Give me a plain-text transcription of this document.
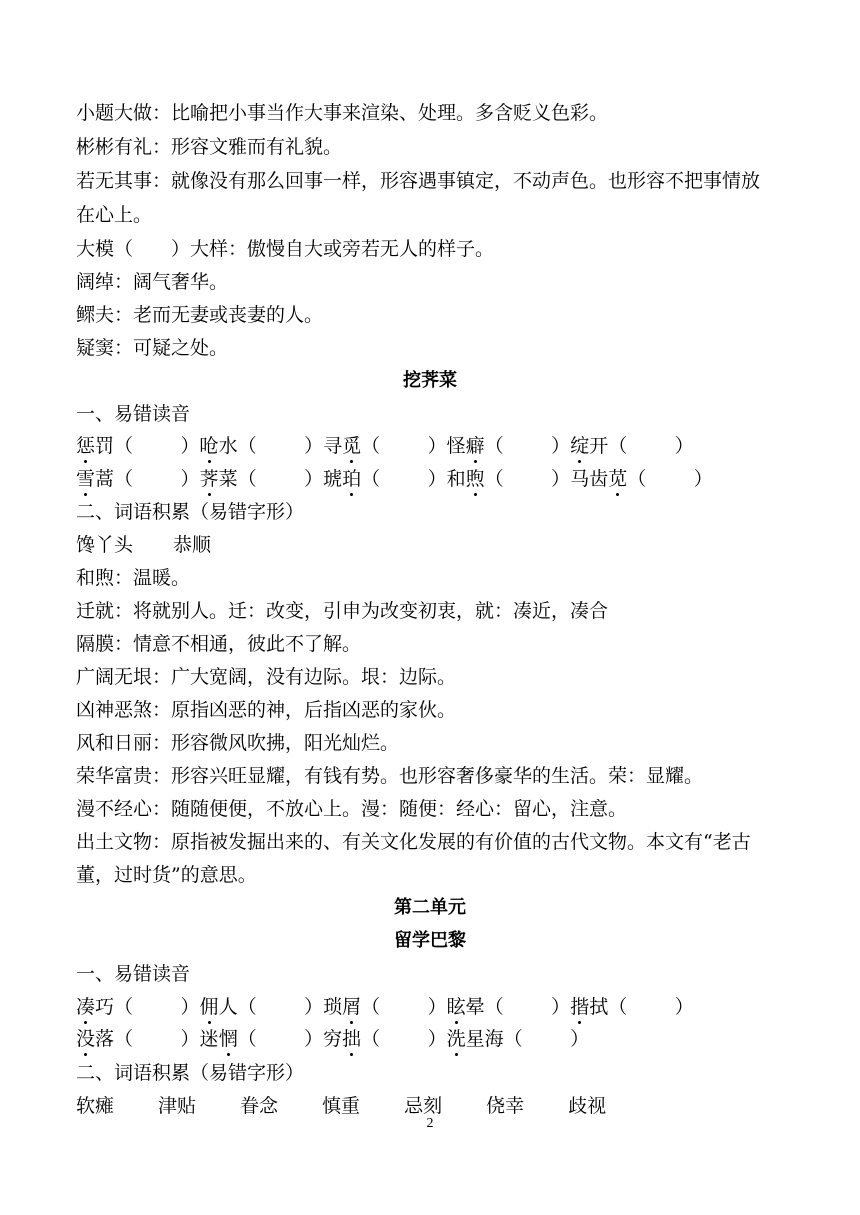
小题大做：比喻把小事当作大事来渲染、处理。多含贬义色彩。
彬彬有礼：形容文雅而有礼貌。
若无其事：就像没有那么回事一样，形容遇事镇定，不动声色。也形容不把事情放
在心上。
大模（　　）大样：傲慢自大或旁若无人的样子。
阔绰：阔气奢华。
鳏夫：老而无妻或丧妻的人。
疑窦：可疑之处。
挖荠菜
一、易错读音
惩罚（   ）呛水（   ）寻觅（   ）怪癖（   ）绽开（   ）
雪蒿（   ）荠菜（   ）琥珀（   ）和煦（   ）马齿苋（   ）
二、词语积累（易错字形）
馋丫头 恭顺
和煦：温暖。
迁就：将就别人。迁：改变，引申为改变初衷，就：凑近，凑合
隔膜：情意不相通，彼此不了解。
广阔无垠：广大宽阔，没有边际。垠：边际。
凶神恶煞：原指凶恶的神，后指凶恶的家伙。
风和日丽：形容微风吹拂，阳光灿烂。
荣华富贵：形容兴旺显耀，有钱有势。也形容奢侈豪华的生活。荣：显耀。
漫不经心：随随便便，不放心上。漫：随便：经心：留心，注意。
出土文物：原指被发掘出来的、有关文化发展的有价值的古代文物。本文有“老古
董，过时货”的意思。
第二单元
留学巴黎
一、易错读音
凑巧（   ）佣人（   ）琐屑（   ）眩晕（   ）揩拭（   ）
没落（   ）迷惘（   ）穷拙（   ）洗星海（   ）
二、词语积累（易错字形）
软瘫 津贴 眷念 慎重 忌刻 侥幸 歧视
2
